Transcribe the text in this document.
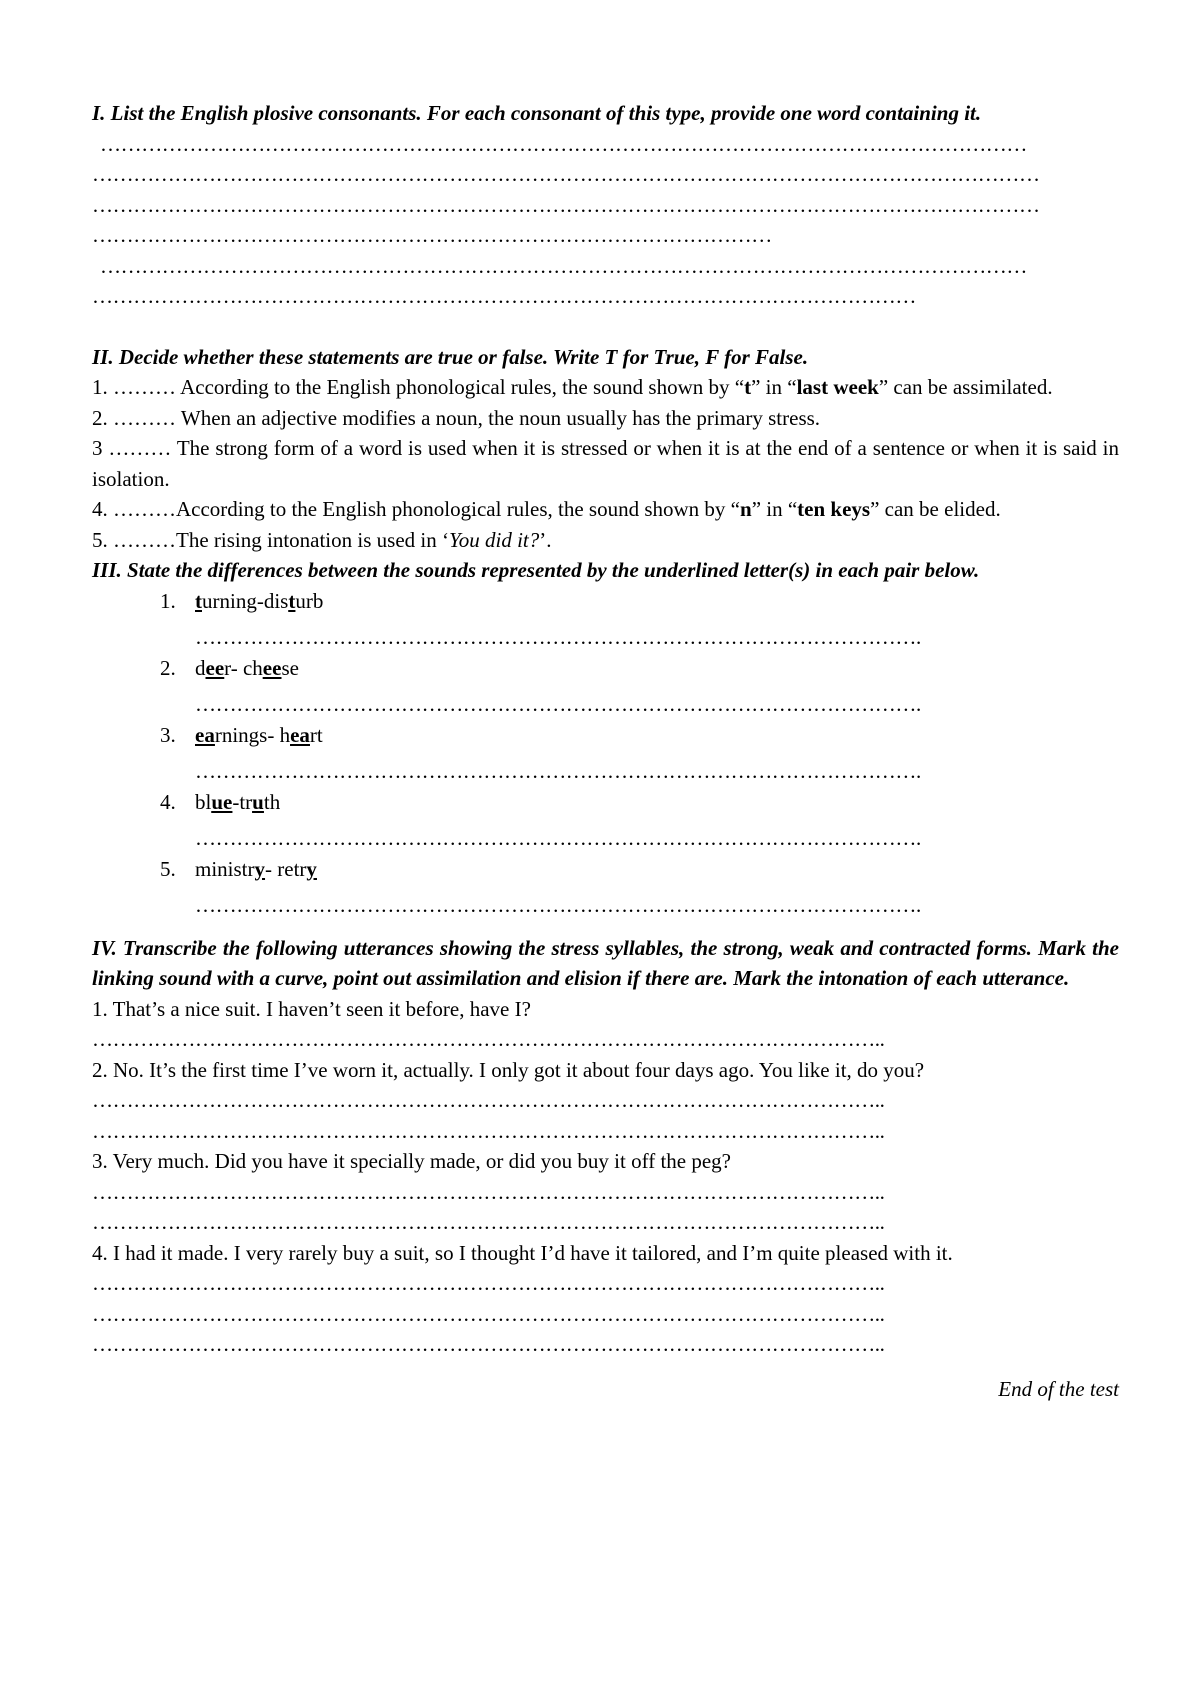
I. List the English plosive consonants. For each consonant of this type, provide one word containing it.
………………………………………………………………………………………………………………………
…………………………………………………………………………………………………………………………
…………………………………………………………………………………………………………………………
………………………………………………………………………………………
………………………………………………………………………………………………………………………
…………………………………………………………………………………………………………
II. Decide whether these statements are true or false. Write T for True, F for False.
1. ……… According to the English phonological rules, the sound shown by “t” in “last week” can be assimilated.
2. ……… When an adjective modifies a noun, the noun usually has the primary stress.
3 ……… The strong form of a word is used when it is stressed or when it is at the end of a sentence or when it is said in isolation.
4. ………According to the English phonological rules, the sound shown by “n” in “ten keys” can be elided.
5. ………The rising intonation is used in ‘You did it?’.
III. State the differences between the sounds represented by the underlined letter(s) in each pair below.
1. turning-disturb
…………………………………………………………………………………………….
2. deer- cheese
…………………………………………………………………………………………….
3. earnings- heart
…………………………………………………………………………………………….
4. blue-truth
…………………………………………………………………………………………….
5. ministry- retry
…………………………………………………………………………………………….
IV. Transcribe the following utterances showing the stress syllables, the strong, weak and contracted forms. Mark the linking sound with a curve, point out assimilation and elision if there are. Mark the intonation of each utterance.
1. That’s a nice suit. I haven’t seen it before, have I?
……………………………………………………………………………………………………..
2. No. It’s the first time I’ve worn it, actually. I only got it about four days ago. You like it, do you?
……………………………………………………………………………………………………..
……………………………………………………………………………………………………..
3. Very much. Did you have it specially made, or did you buy it off the peg?
……………………………………………………………………………………………………..
……………………………………………………………………………………………………..
4. I had it made. I very rarely buy a suit, so I thought I’d have it tailored, and I’m quite pleased with it.
……………………………………………………………………………………………………..
……………………………………………………………………………………………………..
……………………………………………………………………………………………………..
End of the test
